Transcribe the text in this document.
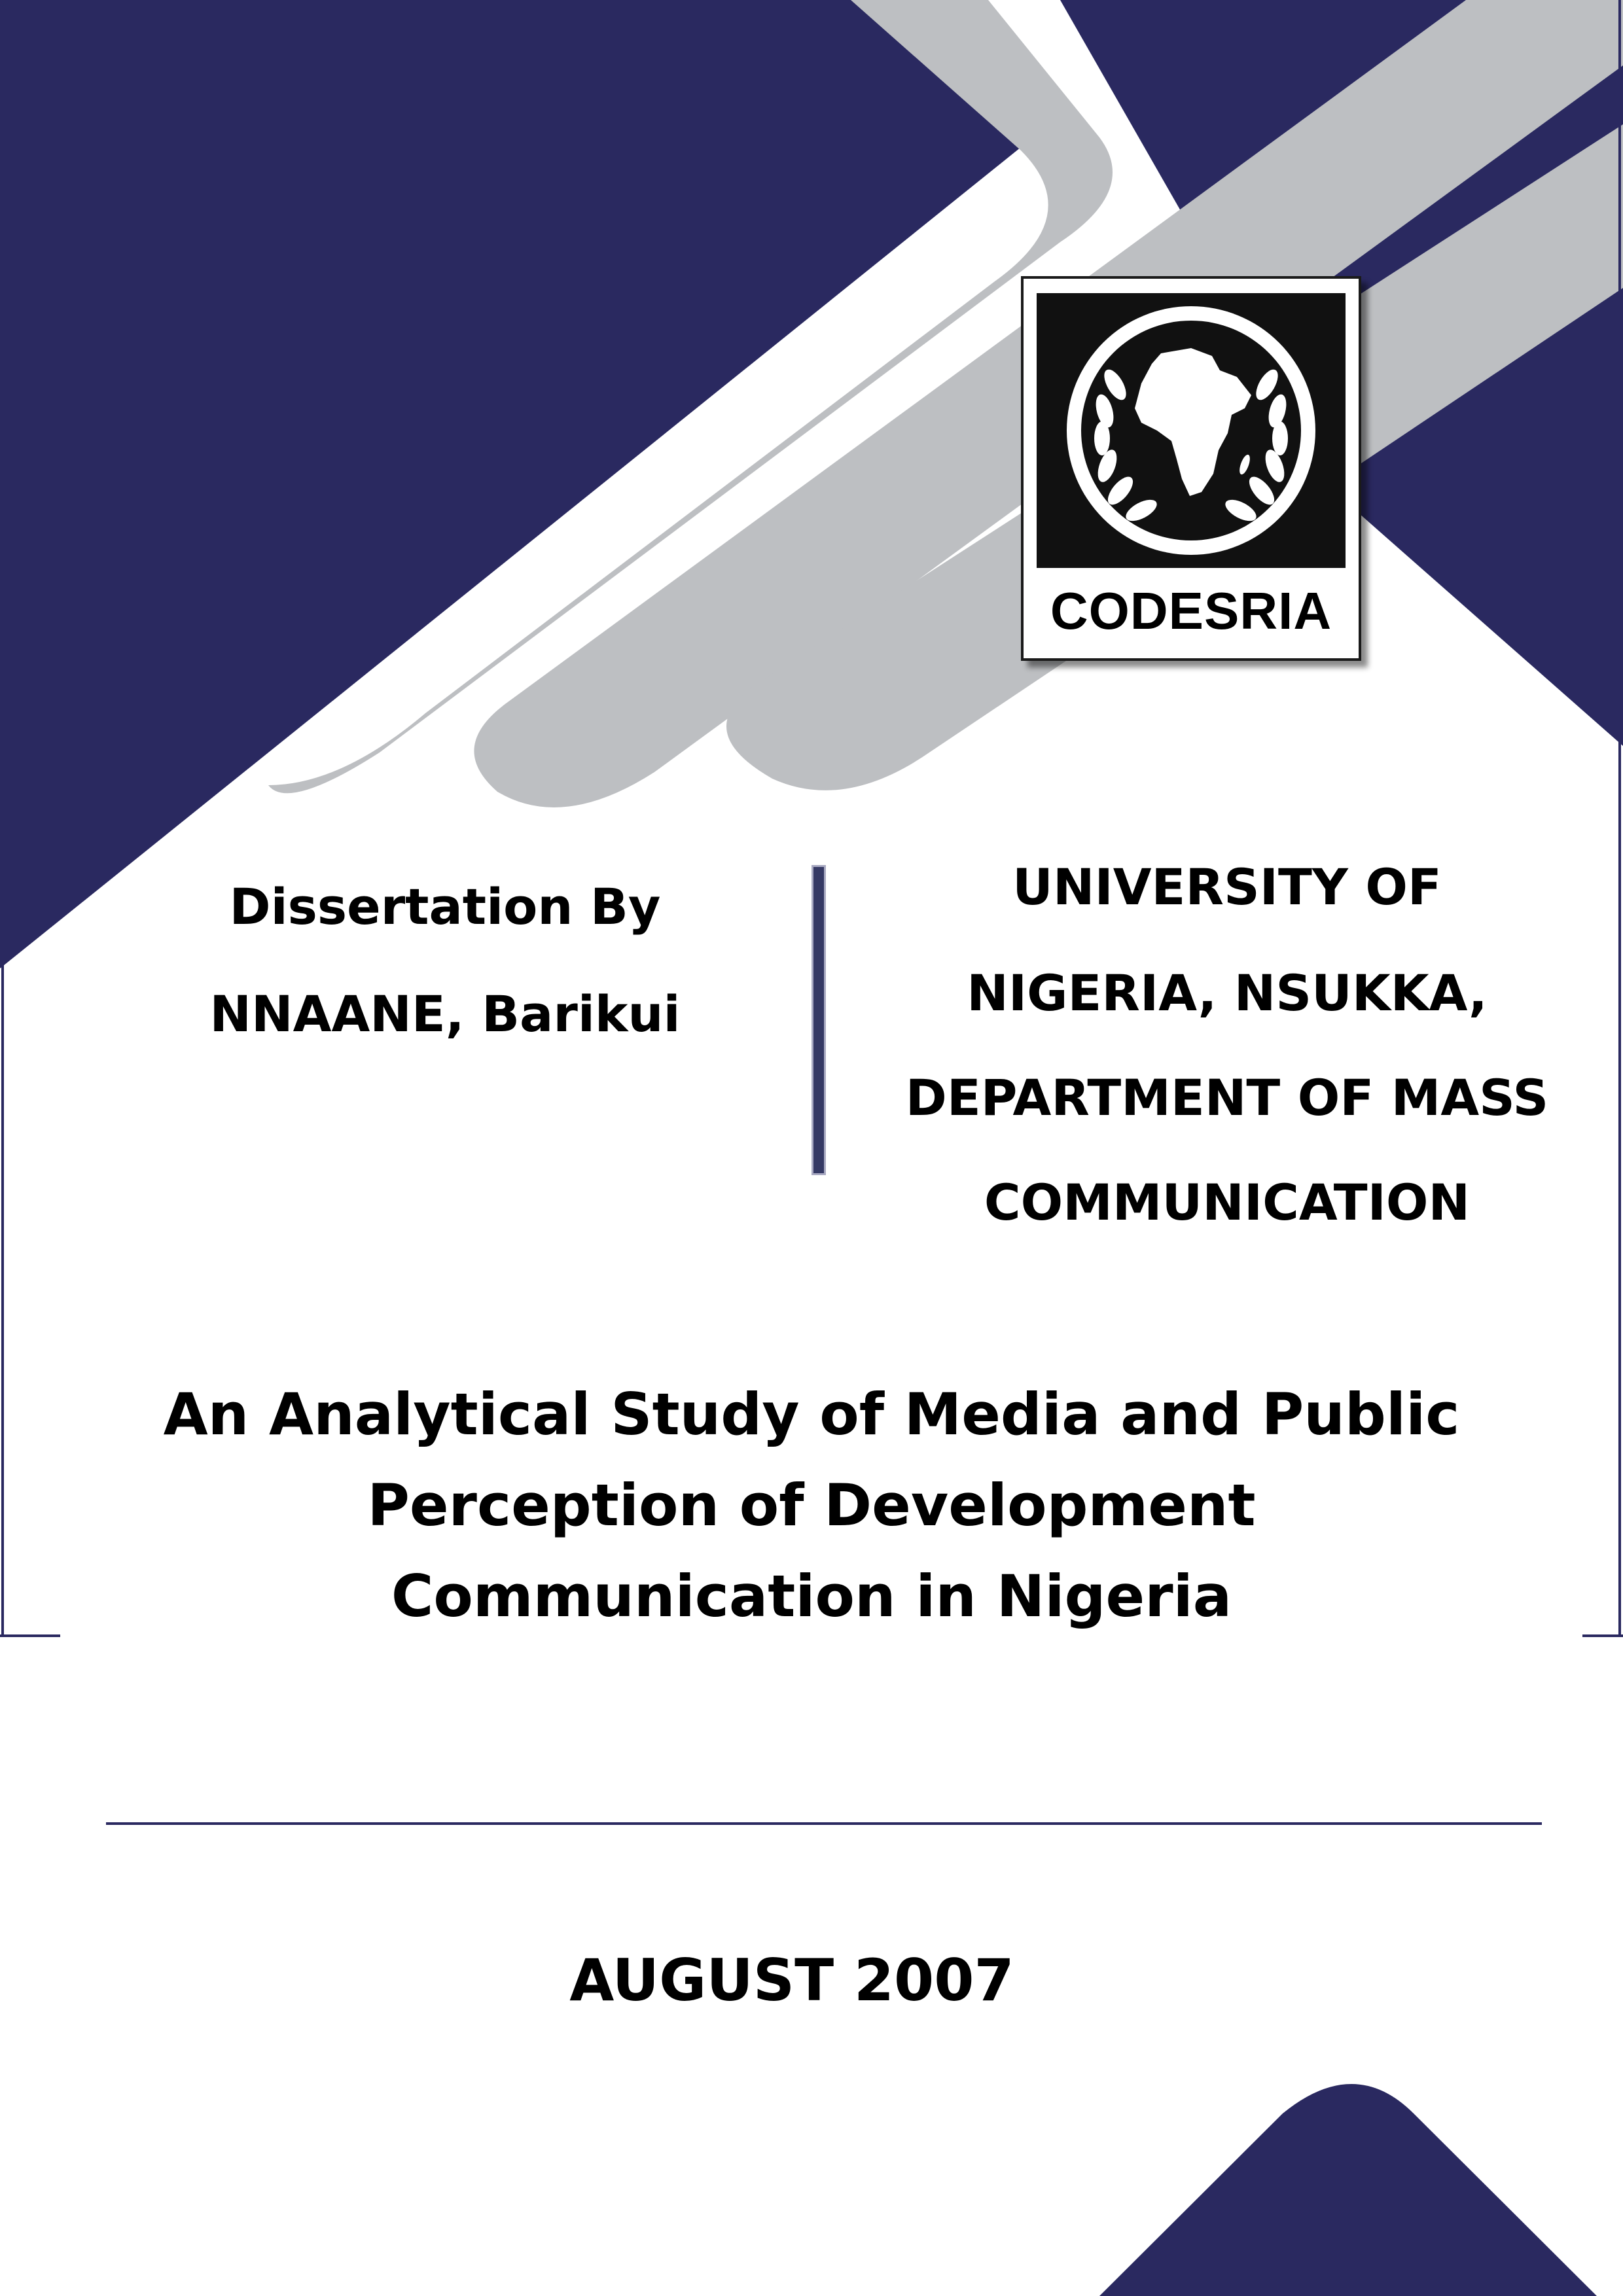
CODESRIA

Dissertation By

NNAANE, Barikui

UNIVERSITY OF

NIGERIA, NSUKKA,

DEPARTMENT OF MASS

COMMUNICATION

An Analytical Study of Media and Public

Perception of Development

Communication in Nigeria

AUGUST 2007
